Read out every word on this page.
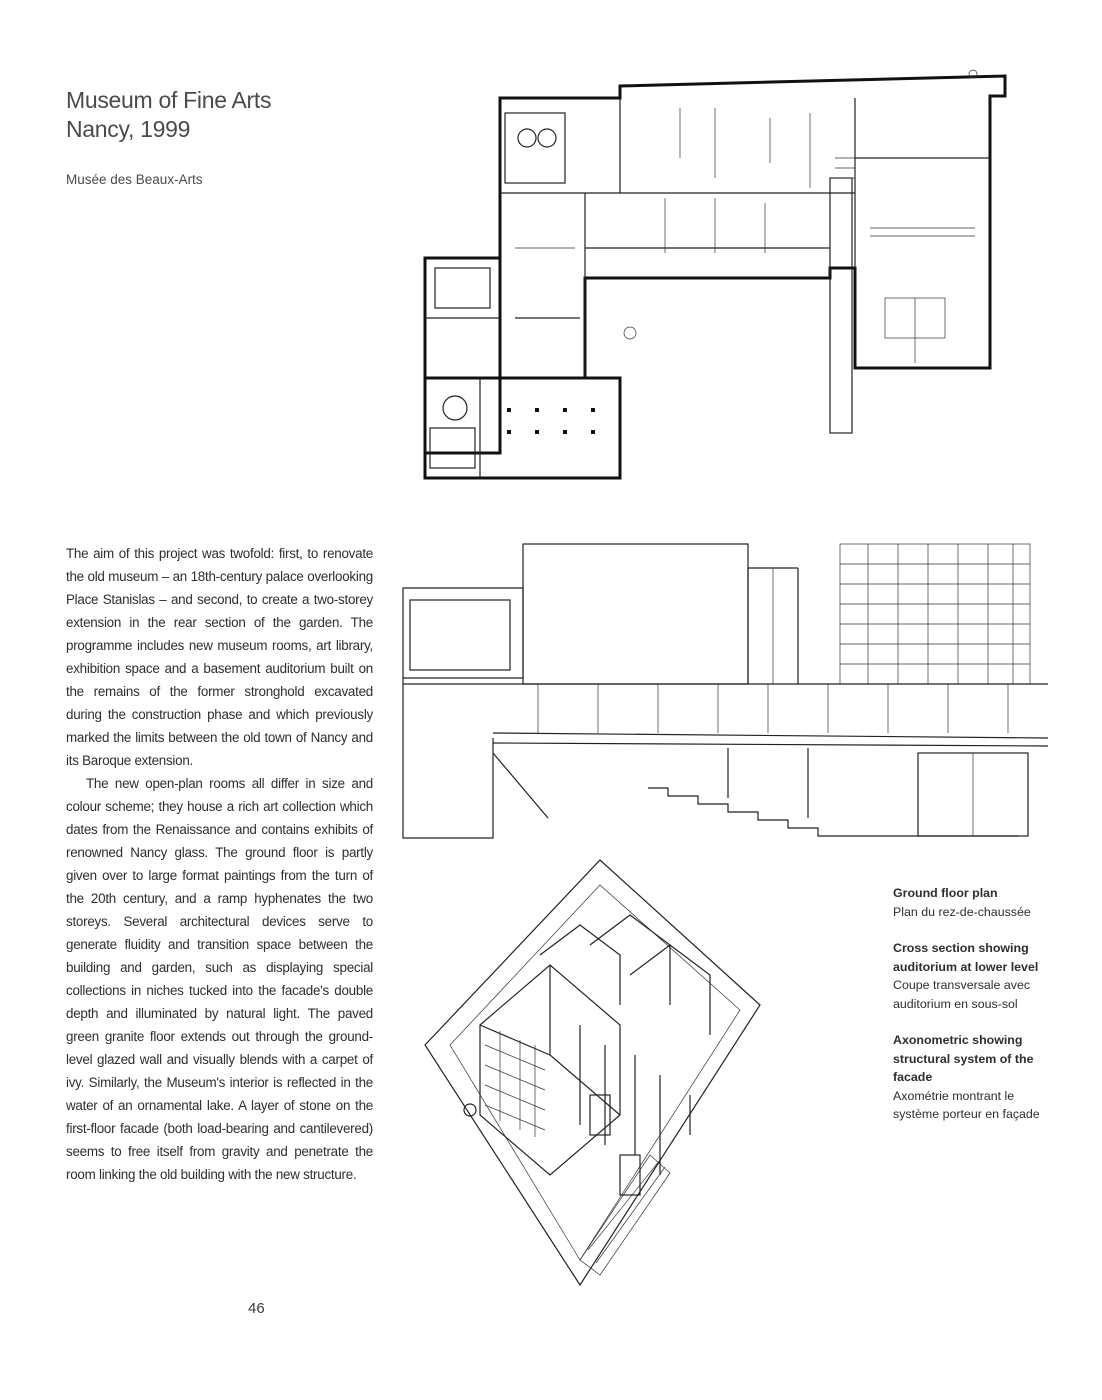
Museum of Fine Arts
Nancy, 1999
Musée des Beaux-Arts

The aim of this project was twofold: first, to renovate the old museum – an 18th-century palace overlooking Place Stanislas – and second, to create a two-storey extension in the rear section of the garden. The programme includes new museum rooms, art library, exhibition space and a basement auditorium built on the remains of the former stronghold excavated during the construction phase and which previously marked the limits between the old town of Nancy and its Baroque extension.

The new open-plan rooms all differ in size and colour scheme; they house a rich art collection which dates from the Renaissance and contains exhibits of renowned Nancy glass. The ground floor is partly given over to large format paintings from the turn of the 20th century, and a ramp hyphenates the two storeys. Several architectural devices serve to generate fluidity and transition space between the building and garden, such as displaying special collections in niches tucked into the facade's double depth and illuminated by natural light. The paved green granite floor extends out through the ground-level glazed wall and visually blends with a carpet of ivy. Similarly, the Museum's interior is reflected in the water of an ornamental lake. A layer of stone on the first-floor facade (both load-bearing and cantilevered) seems to free itself from gravity and penetrate the room linking the old building with the new structure.

Ground floor plan
Plan du rez-de-chaussée
Cross section showing auditorium at lower level
Coupe transversale avec auditorium en sous-sol
Axonometric showing structural system of the facade
Axométrie montrant le système porteur en façade
46
